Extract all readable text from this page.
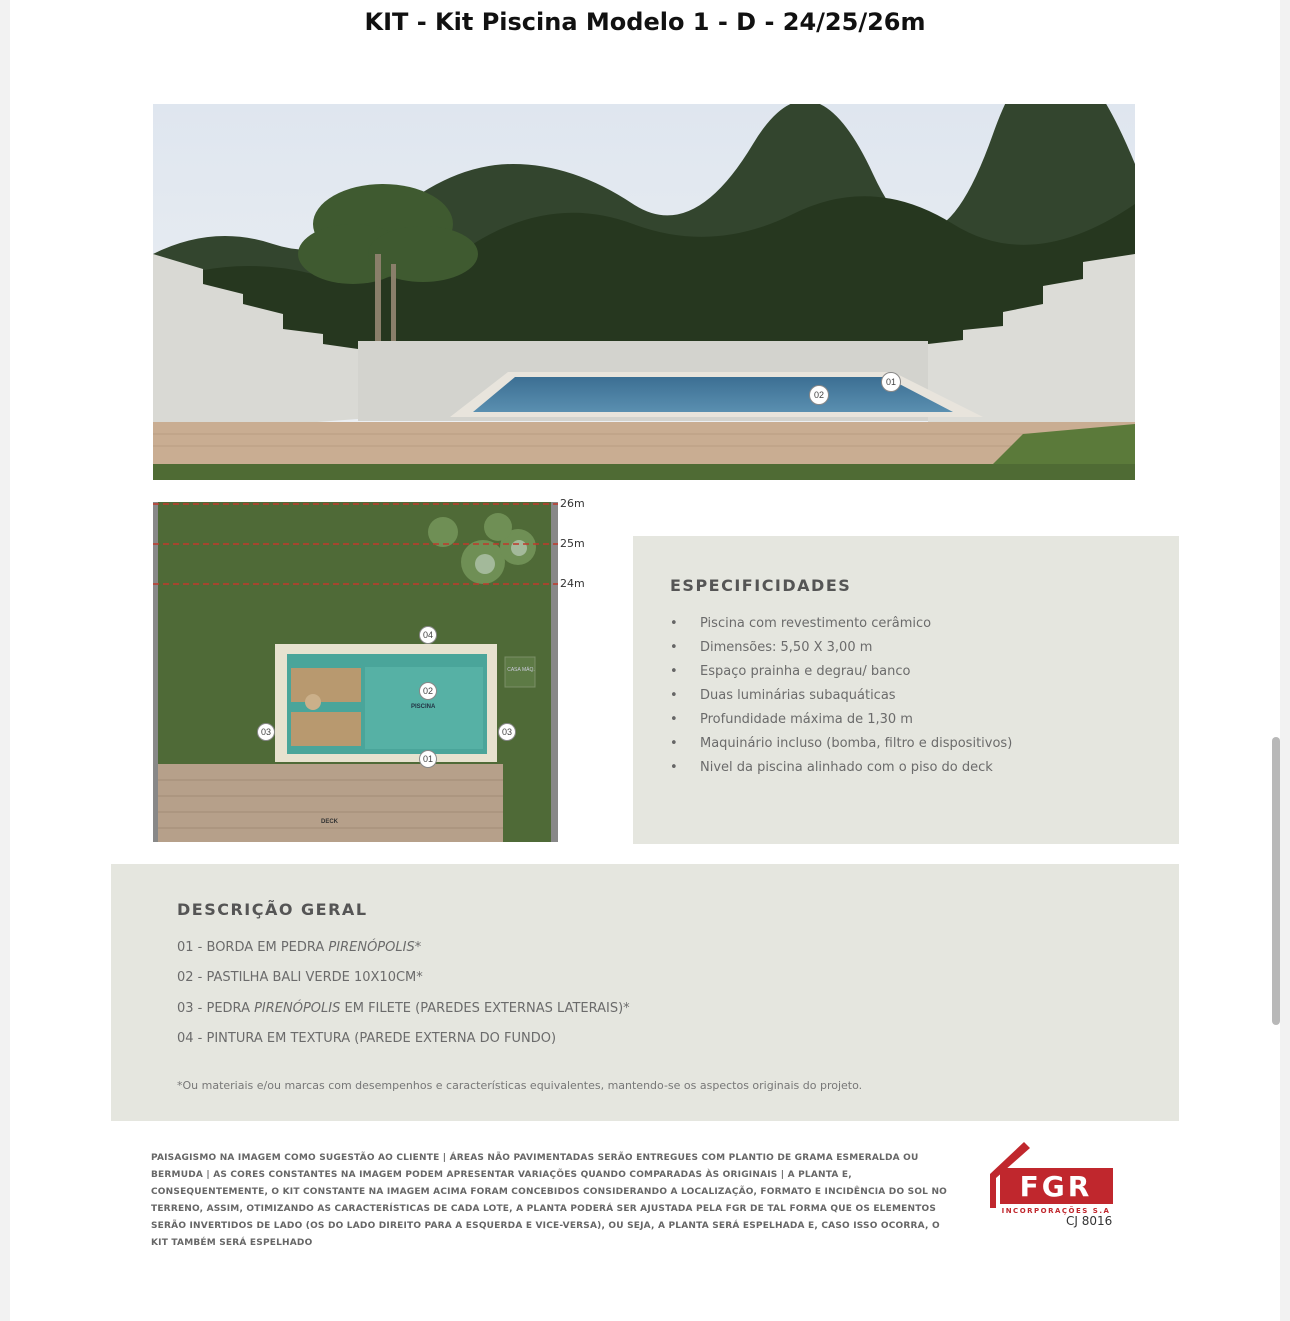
KIT - Kit Piscina Modelo 1 - D - 24/25/26m
01
02
04
02
03	03
01
PISCINA
DECK
CASA MÁQ.
26m
25m
24m	ESPECIFICIDADES
• Piscina com revestimento cerâmico
• Dimensões: 5,50 X 3,00 m
• Espaço prainha e degrau/ banco
• Duas luminárias subaquáticas
• Profundidade máxima de 1,30 m
• Maquinário incluso (bomba, filtro e dispositivos)
• Nivel da piscina alinhado com o piso do deck
DESCRIÇÃO GERAL
01 - BORDA EM PEDRA PIRENÓPOLIS*
02 - PASTILHA BALI VERDE 10X10CM*
03 - PEDRA PIRENÓPOLIS EM FILETE (PAREDES EXTERNAS LATERAIS)*
04 - PINTURA EM TEXTURA (PAREDE EXTERNA DO FUNDO)
*Ou materiais e/ou marcas com desempenhos e características equivalentes, mantendo-se os aspectos originais do projeto.
PAISAGISMO NA IMAGEM COMO SUGESTÃO AO CLIENTE | ÁREAS NÃO PAVIMENTADAS SERÃO ENTREGUES COM PLANTIO DE GRAMA ESMERALDA OU BERMUDA | AS CORES CONSTANTES NA IMAGEM PODEM APRESENTAR VARIAÇÕES QUANDO COMPARADAS ÀS ORIGINAIS | A PLANTA E, CONSEQUENTEMENTE, O KIT CONSTANTE NA IMAGEM ACIMA FORAM CONCEBIDOS CONSIDERANDO A LOCALIZAÇÃO, FORMATO E INCIDÊNCIA DO SOL NO TERRENO, ASSIM, OTIMIZANDO AS CARACTERÍSTICAS DE CADA LOTE, A PLANTA PODERÁ SER AJUSTADA PELA FGR DE TAL FORMA QUE OS ELEMENTOS SERÃO INVERTIDOS DE LADO (OS DO LADO DIREITO PARA A ESQUERDA E VICE-VERSA), OU SEJA, A PLANTA SERÁ ESPELHADA E, CASO ISSO OCORRA, O KIT TAMBÉM SERÁ ESPELHADO
FGR
INCORPORAÇÕES S.A
CJ 8016
